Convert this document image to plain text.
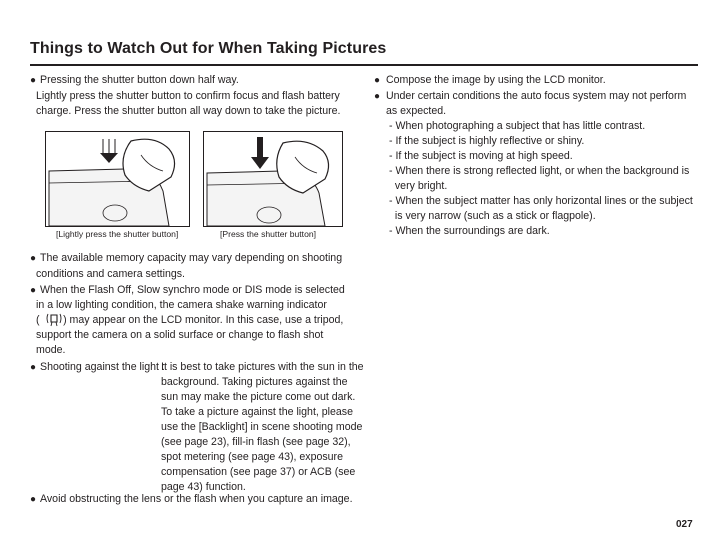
Things to Watch Out for When Taking Pictures
● Pressing the shutter button down half way.
Lightly press the shutter button to confirm focus and flash battery
charge. Press the shutter button all way down to take the picture.
[Lightly press the shutter button]	[Press the shutter button]
● The available memory capacity may vary depending on shooting
conditions and camera settings.
● When the Flash Off, Slow synchro mode or DIS mode is selected
in a low lighting condition, the camera shake warning indicator
(        ) may appear on the LCD monitor. In this case, use a tripod,
support the camera on a solid surface or change to flash shot
mode.
● Shooting against the light :
It is best to take pictures with the sun in the
background. Taking pictures against the
sun may make the picture come out dark.
To take a picture against the light, please
use the [Backlight] in scene shooting mode
(see page 23), fill-in flash (see page 32),
spot metering (see page 43), exposure
compensation (see page 37) or ACB (see
page 43) function.
● Avoid obstructing the lens or the flash when you capture an image.
● Compose the image by using the LCD monitor.
● Under certain conditions the auto focus system may not perform
as expected.
- When photographing a subject that has little contrast.
- If the subject is highly reflective or shiny.
- If the subject is moving at high speed.
- When there is strong reflected light, or when the background is
very bright.
- When the subject matter has only horizontal lines or the subject
is very narrow (such as a stick or flagpole).
- When the surroundings are dark.
027
